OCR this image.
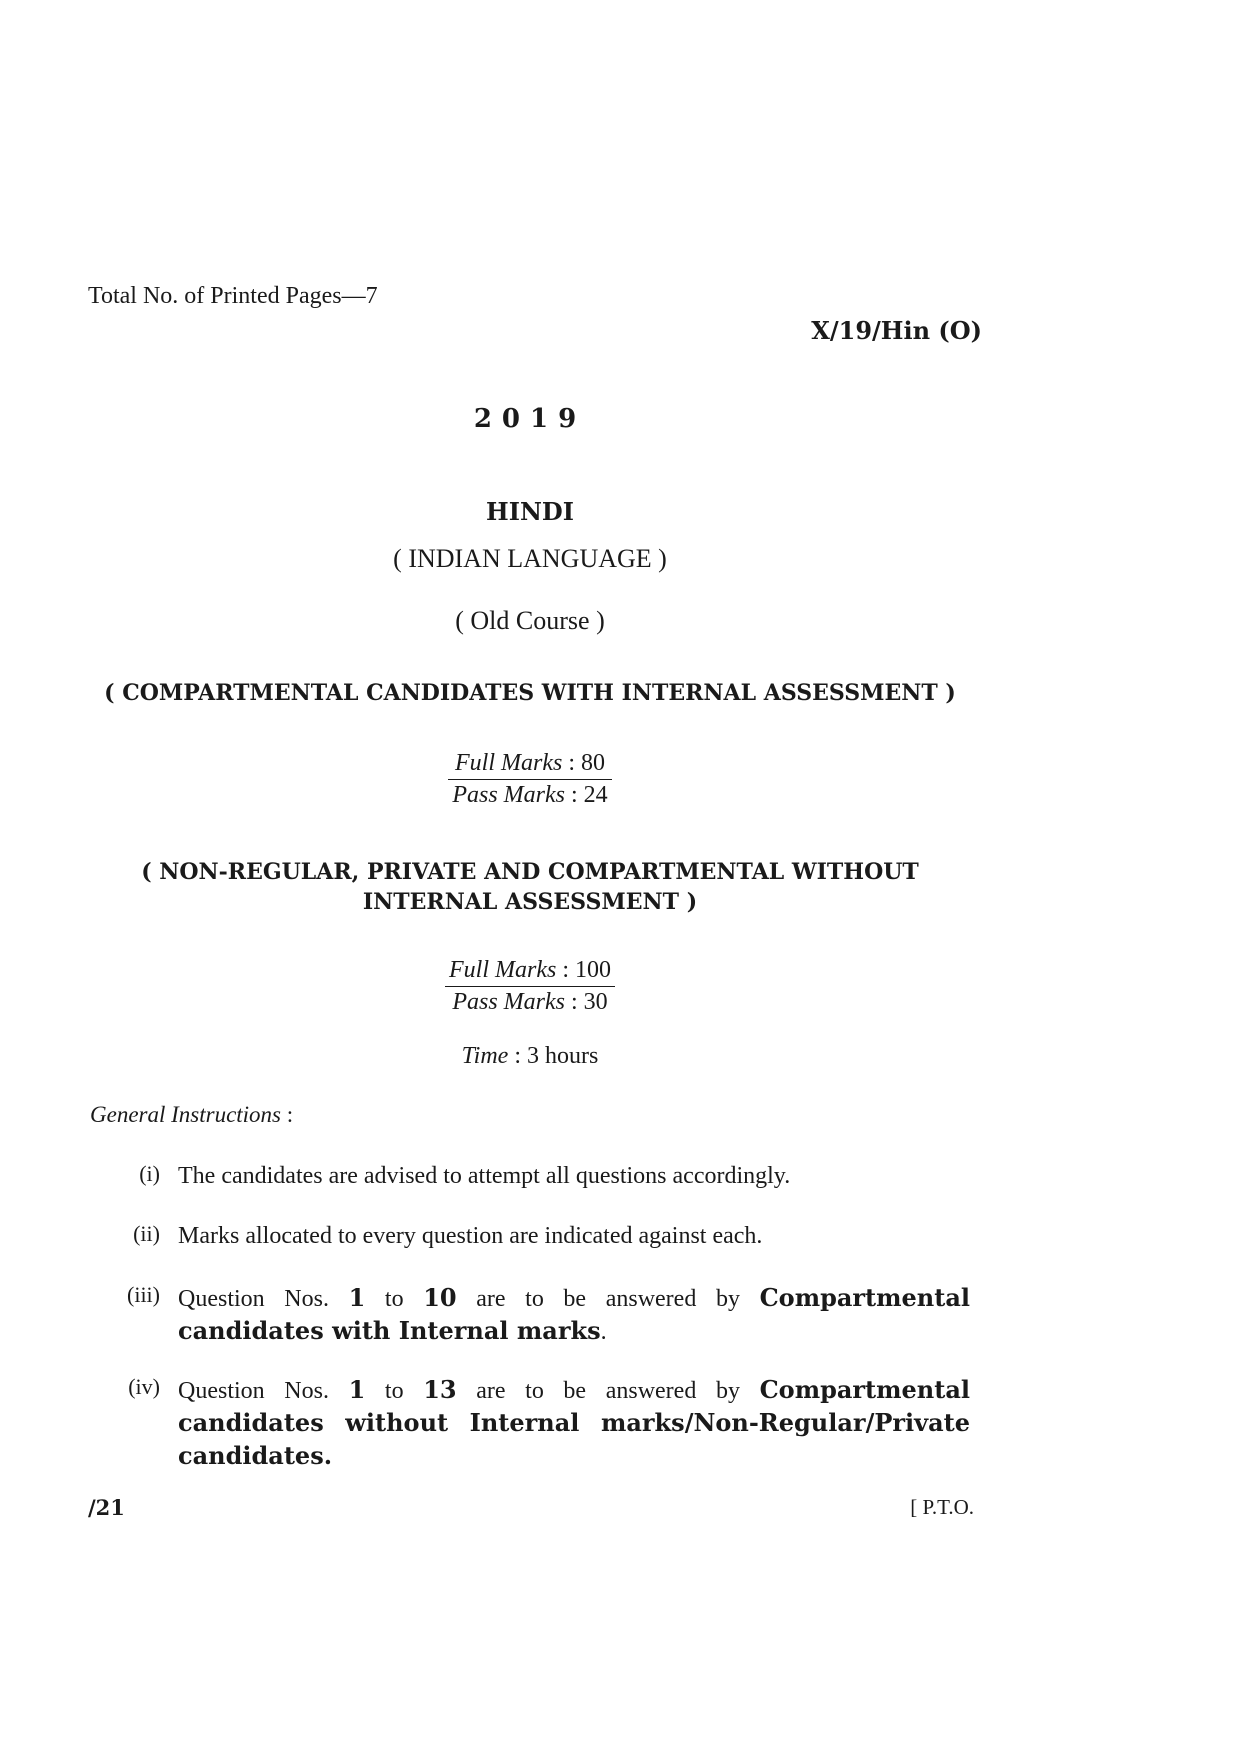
Total No. of Printed Pages—7
X/19/Hin (O)
2019
HINDI
( INDIAN LANGUAGE )
( Old Course )
( COMPARTMENTAL CANDIDATES WITH INTERNAL ASSESSMENT )
Full Marks : 80
Pass Marks : 24
( NON-REGULAR, PRIVATE AND COMPARTMENTAL WITHOUT
INTERNAL ASSESSMENT )
Full Marks : 100
Pass Marks : 30
Time : 3 hours
General Instructions :
(i) The candidates are advised to attempt all questions accordingly.
(ii) Marks allocated to every question are indicated against each.
(iii) Question Nos. 1 to 10 are to be answered by Compartmental candidates with Internal marks.
(iv) Question Nos. 1 to 13 are to be answered by Compartmental candidates without Internal marks/Non-Regular/Private candidates.
/21	[ P.T.O.
